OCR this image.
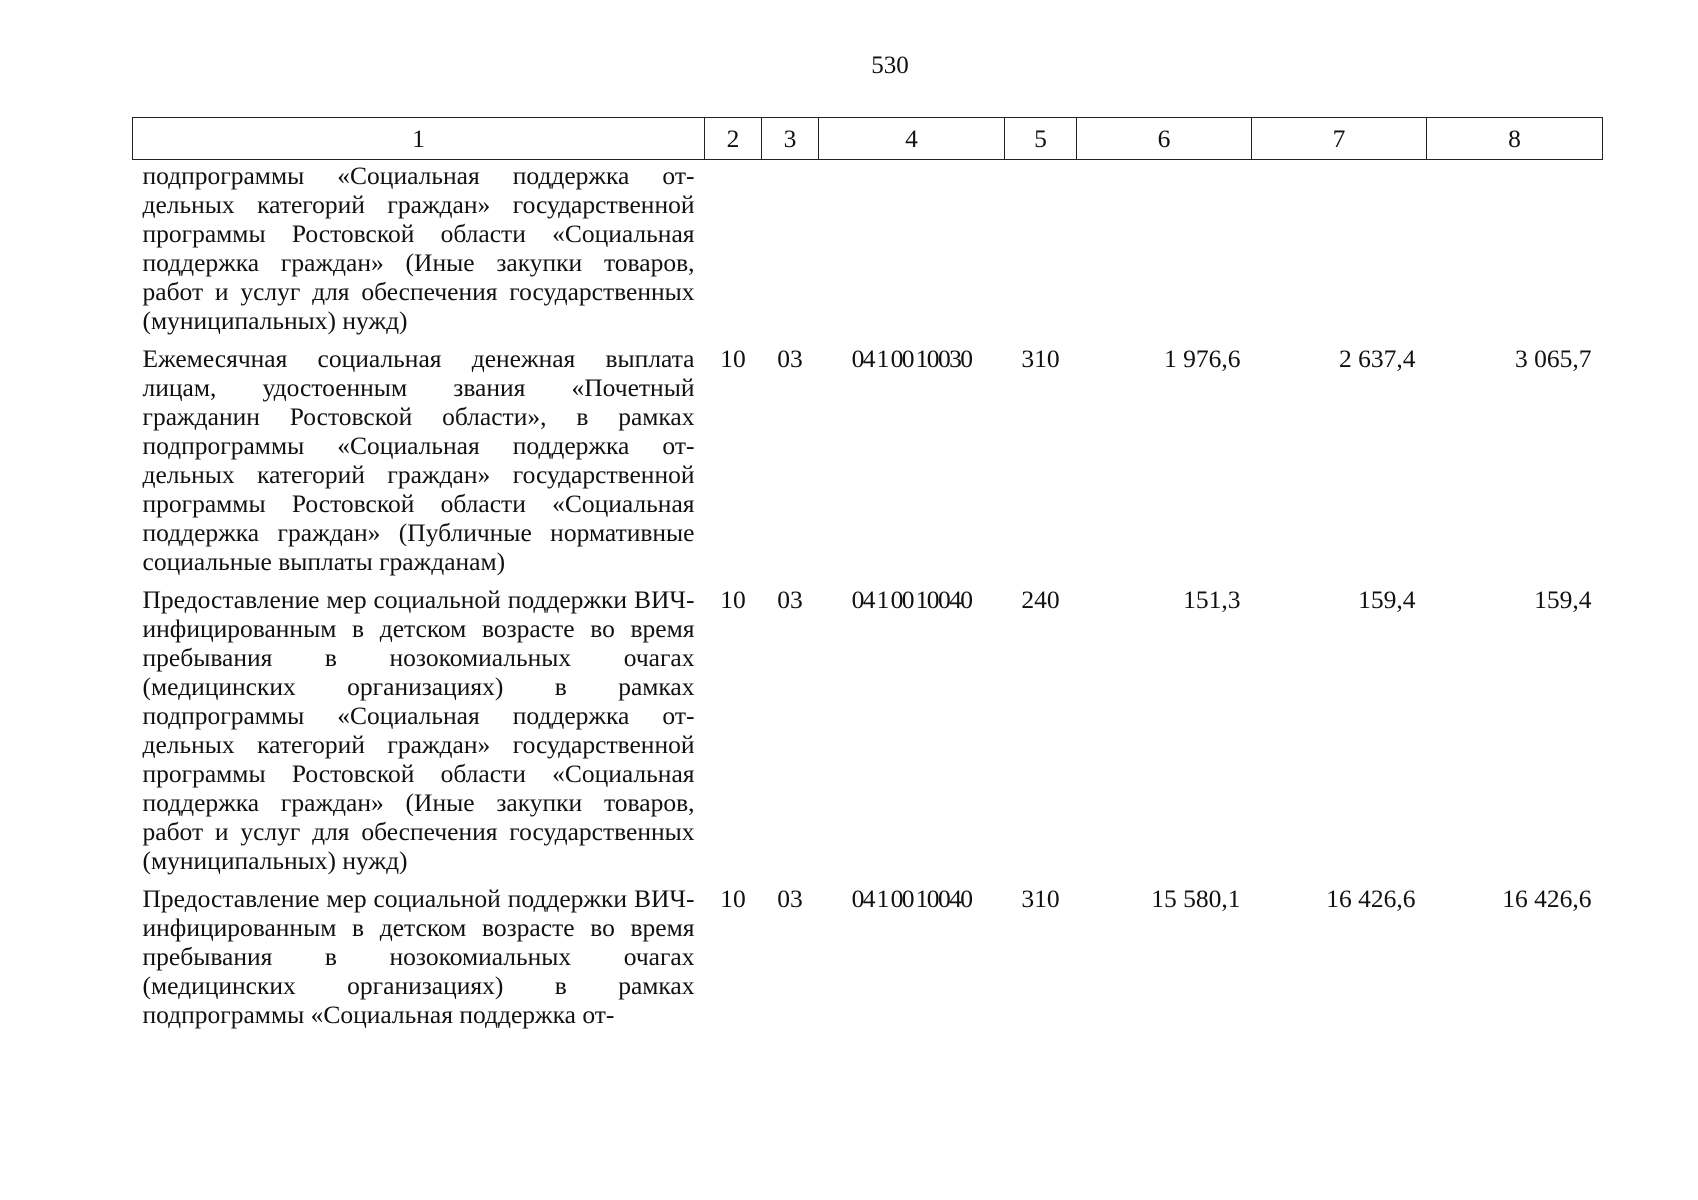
530
1	2	3	4	5	6	7	8
подпрограммы «Социальная поддержка отдельных категорий граждан» государственной программы Ростовской области «Социальная поддержка граждан» (Иные закупки товаров, работ и услуг для обеспечения государственных (муниципальных) нужд)							
Ежемесячная социальная денежная выплата лицам, удостоенным звания «Почетный гражданин Ростовской области», в рамках подпрограммы «Социальная поддержка отдельных категорий граждан» государственной программы Ростовской области «Социальная поддержка граждан» (Публичные нормативные социальные выплаты гражданам)	10	03	04 1 00 10030	310	1 976,6	2 637,4	3 065,7
Предоставление мер социальной поддержки ВИЧ-инфицированным в детском возрасте во время пребывания в нозокомиальных очагах (медицинских организациях) в рамках подпрограммы «Социальная поддержка отдельных категорий граждан» государственной программы Ростовской области «Социальная поддержка граждан» (Иные закупки товаров, работ и услуг для обеспечения государственных (муниципальных) нужд)	10	03	04 1 00 10040	240	151,3	159,4	159,4
Предоставление мер социальной поддержки ВИЧ-инфицированным в детском возрасте во время пребывания в нозокомиальных очагах (медицинских организациях) в рамках подпрограммы «Социальная поддержка от-	10	03	04 1 00 10040	310	15 580,1	16 426,6	16 426,6
